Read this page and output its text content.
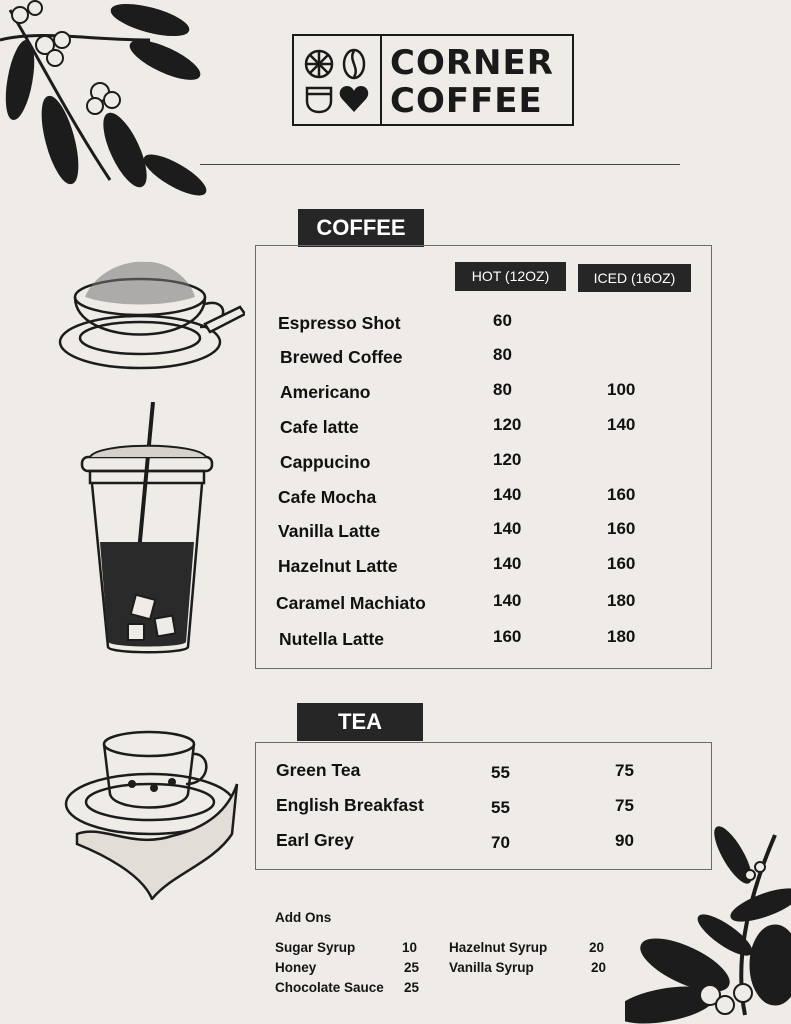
CORNER
COFFEE
COFFEE
HOT (12OZ)	ICED (16OZ)
Espresso Shot	60
Brewed Coffee	80
Americano	80	100
Cafe latte	120	140
Cappucino	120
Cafe Mocha	140	160
Vanilla Latte	140	160
Hazelnut Latte	140	160
Caramel Machiato	140	180
Nutella Latte	160	180
TEA
Green Tea	55	75
English Breakfast	55	75
Earl Grey	70	90
Add Ons
Sugar Syrup	10
Honey	25
Chocolate Sauce 25
Hazelnut Syrup	20
Vanilla Syrup	20
